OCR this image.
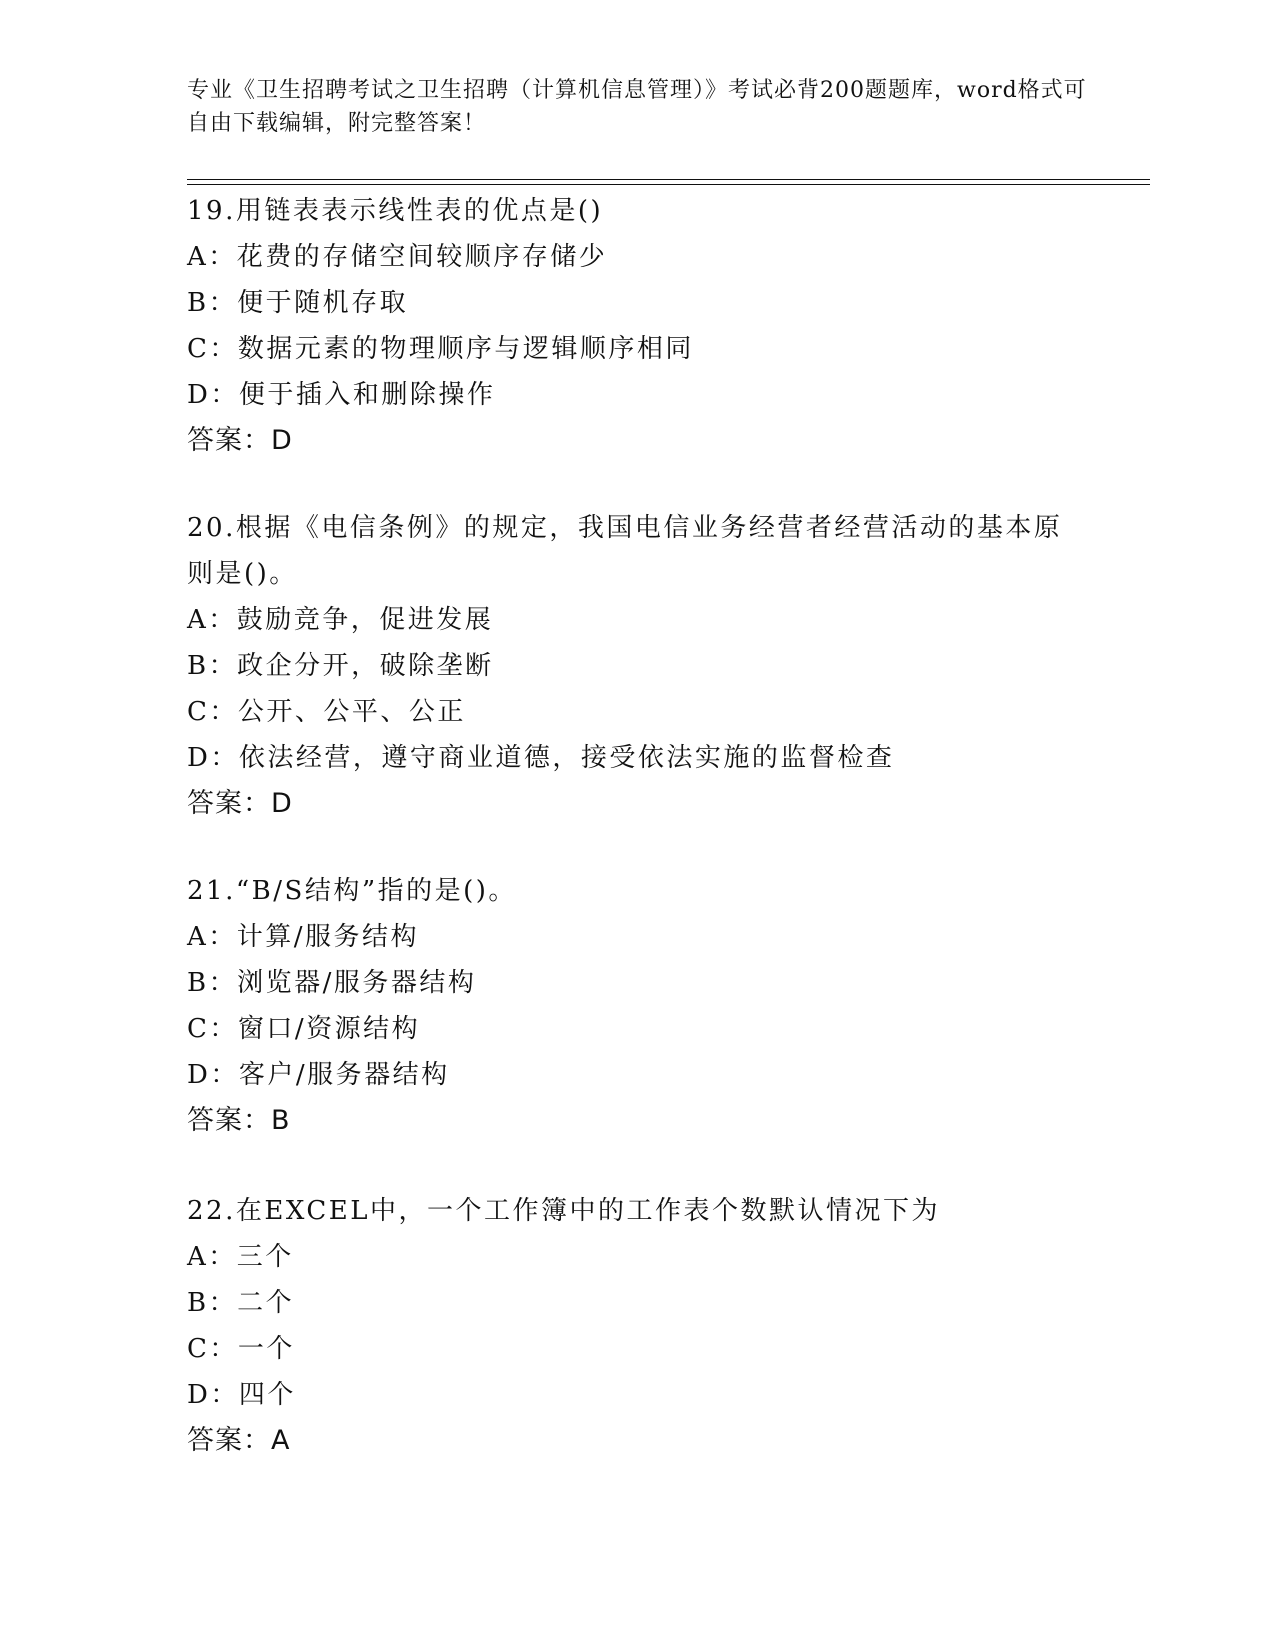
专业《卫生招聘考试之卫生招聘（计算机信息管理）》考试必背200题题库，word格式可自由下载编辑，附完整答案！
19.用链表表示线性表的优点是()
A：花费的存储空间较顺序存储少
B：便于随机存取
C：数据元素的物理顺序与逻辑顺序相同
D：便于插入和删除操作
答案：D
20.根据《电信条例》的规定，我国电信业务经营者经营活动的基本原则是()。
A：鼓励竞争，促进发展
B：政企分开，破除垄断
C：公开、公平、公正
D：依法经营，遵守商业道德，接受依法实施的监督检查
答案：D
21.“B/S结构”指的是()。
A：计算/服务结构
B：浏览器/服务器结构
C：窗口/资源结构
D：客户/服务器结构
答案：B
22.在EXCEL中，一个工作簿中的工作表个数默认情况下为
A：三个
B：二个
C：一个
D：四个
答案：A
